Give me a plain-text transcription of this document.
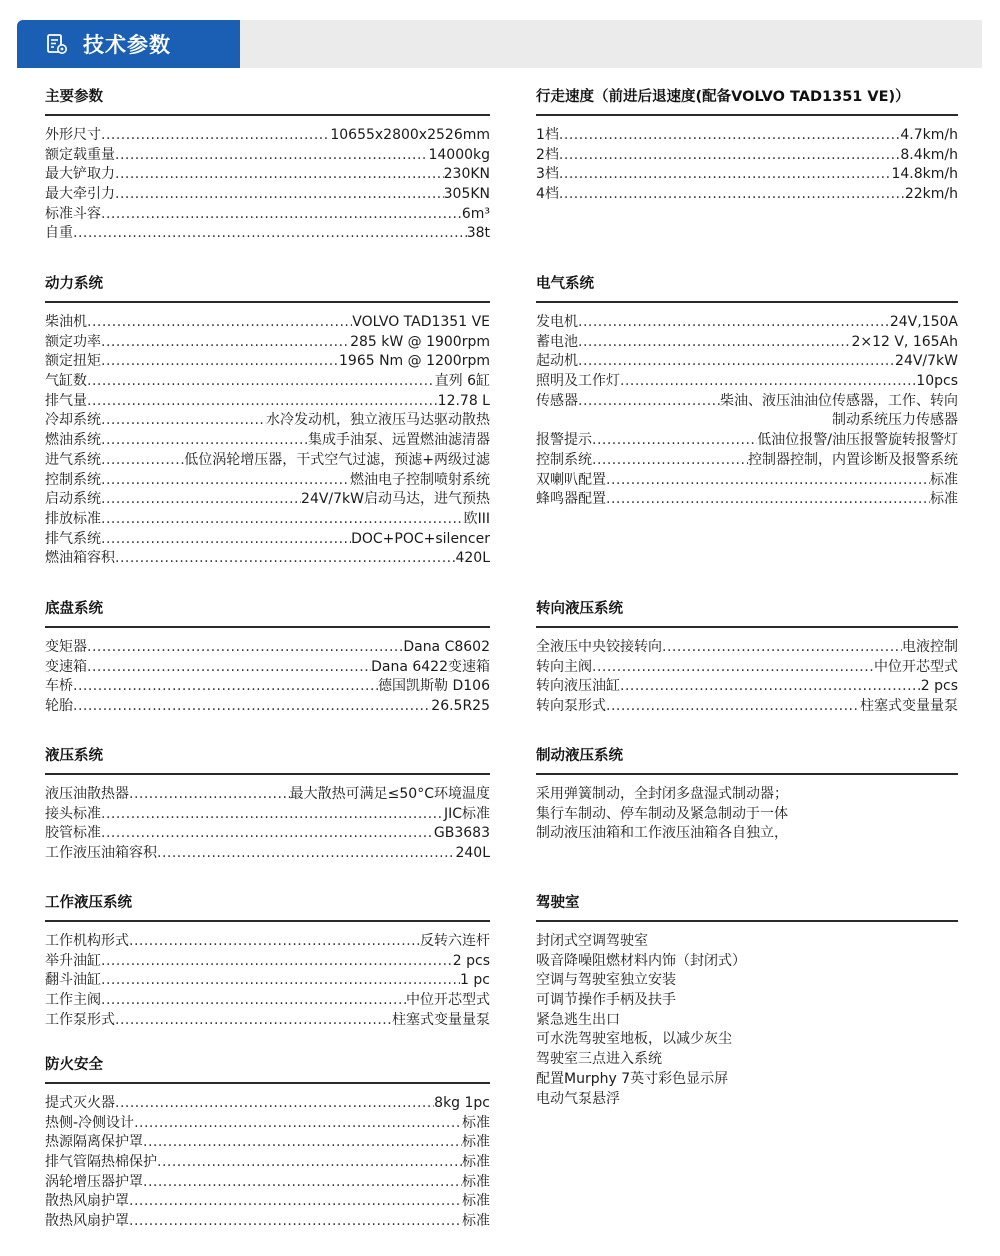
技术参数
主要参数
外形尺寸 .....	10655x2800x2526mm
额定载重量 .....	14000kg
最大铲取力 .....	230KN
最大牵引力 .....	305KN
标准斗容 .....	6m³
自重 .....	38t
动力系统
柴油机 .....	VOLVO TAD1351 VE
额定功率 .....	285 kW @ 1900rpm
额定扭矩 .....	1965 Nm @ 1200rpm
气缸数 .....	直列 6缸
排气量 .....	12.78 L
冷却系统 .....	水冷发动机，独立液压马达驱动散热
燃油系统 .....	集成手油泵、远置燃油滤清器
进气系统 .....	低位涡轮增压器，干式空气过滤，预滤+两级过滤
控制系统 .....	燃油电子控制喷射系统
启动系统 .....	24V/7kW启动马达，进气预热
排放标准 .....	欧III
排气系统 .....	DOC+POC+silencer
燃油箱容积 .....	420L
底盘系统
变矩器 .....	Dana C8602
变速箱 .....	Dana 6422变速箱
车桥 .....	德国凯斯勒 D106
轮胎 .....	26.5R25
液压系统
液压油散热器 .....	最大散热可满足≤50°C环境温度
接头标准 .....	JIC标准
胶管标准 .....	GB3683
工作液压油箱容积 .....	240L
工作液压系统
工作机构形式 .....	反转六连杆
举升油缸 .....	2 pcs
翻斗油缸 .....	1 pc
工作主阀 .....	中位开芯型式
工作泵形式 .....	柱塞式变量量泵
防火安全
提式灭火器 .....	8kg 1pc
热侧-冷侧设计 .....	标准
热源隔离保护罩 .....	标准
排气管隔热棉保护 .....	标准
涡轮增压器护罩 .....	标准
散热风扇护罩 .....	标准
散热风扇护罩 .....	标准
行走速度（前进后退速度(配备VOLVO TAD1351 VE)）
1档 .....	4.7km/h
2档 .....	8.4km/h
3档 .....	14.8km/h
4档 .....	22km/h
电气系统
发电机 .....	24V,150A
蓄电池 .....	2×12 V, 165Ah
起动机 .....	24V/7kW
照明及工作灯 .....	10pcs
传感器 .....	柴油、液压油油位传感器，工作、转向
制动系统压力传感器
报警提示 .....	低油位报警/油压报警旋转报警灯
控制系统 .....	控制器控制，内置诊断及报警系统
双喇叭配置 .....	标准
蜂鸣器配置 .....	标准
转向液压系统
全液压中央铰接转向 .....	电液控制
转向主阀 .....	中位开芯型式
转向液压油缸 .....	2 pcs
转向泵形式 .....	柱塞式变量量泵
制动液压系统
采用弹簧制动，全封闭多盘湿式制动器；
集行车制动、停车制动及紧急制动于一体
制动液压油箱和工作液压油箱各自独立，
驾驶室
封闭式空调驾驶室
吸音降噪阻燃材料内饰（封闭式）
空调与驾驶室独立安装
可调节操作手柄及扶手
紧急逃生出口
可水洗驾驶室地板，以减少灰尘
驾驶室三点进入系统
配置Murphy 7英寸彩色显示屏
电动气泵悬浮
